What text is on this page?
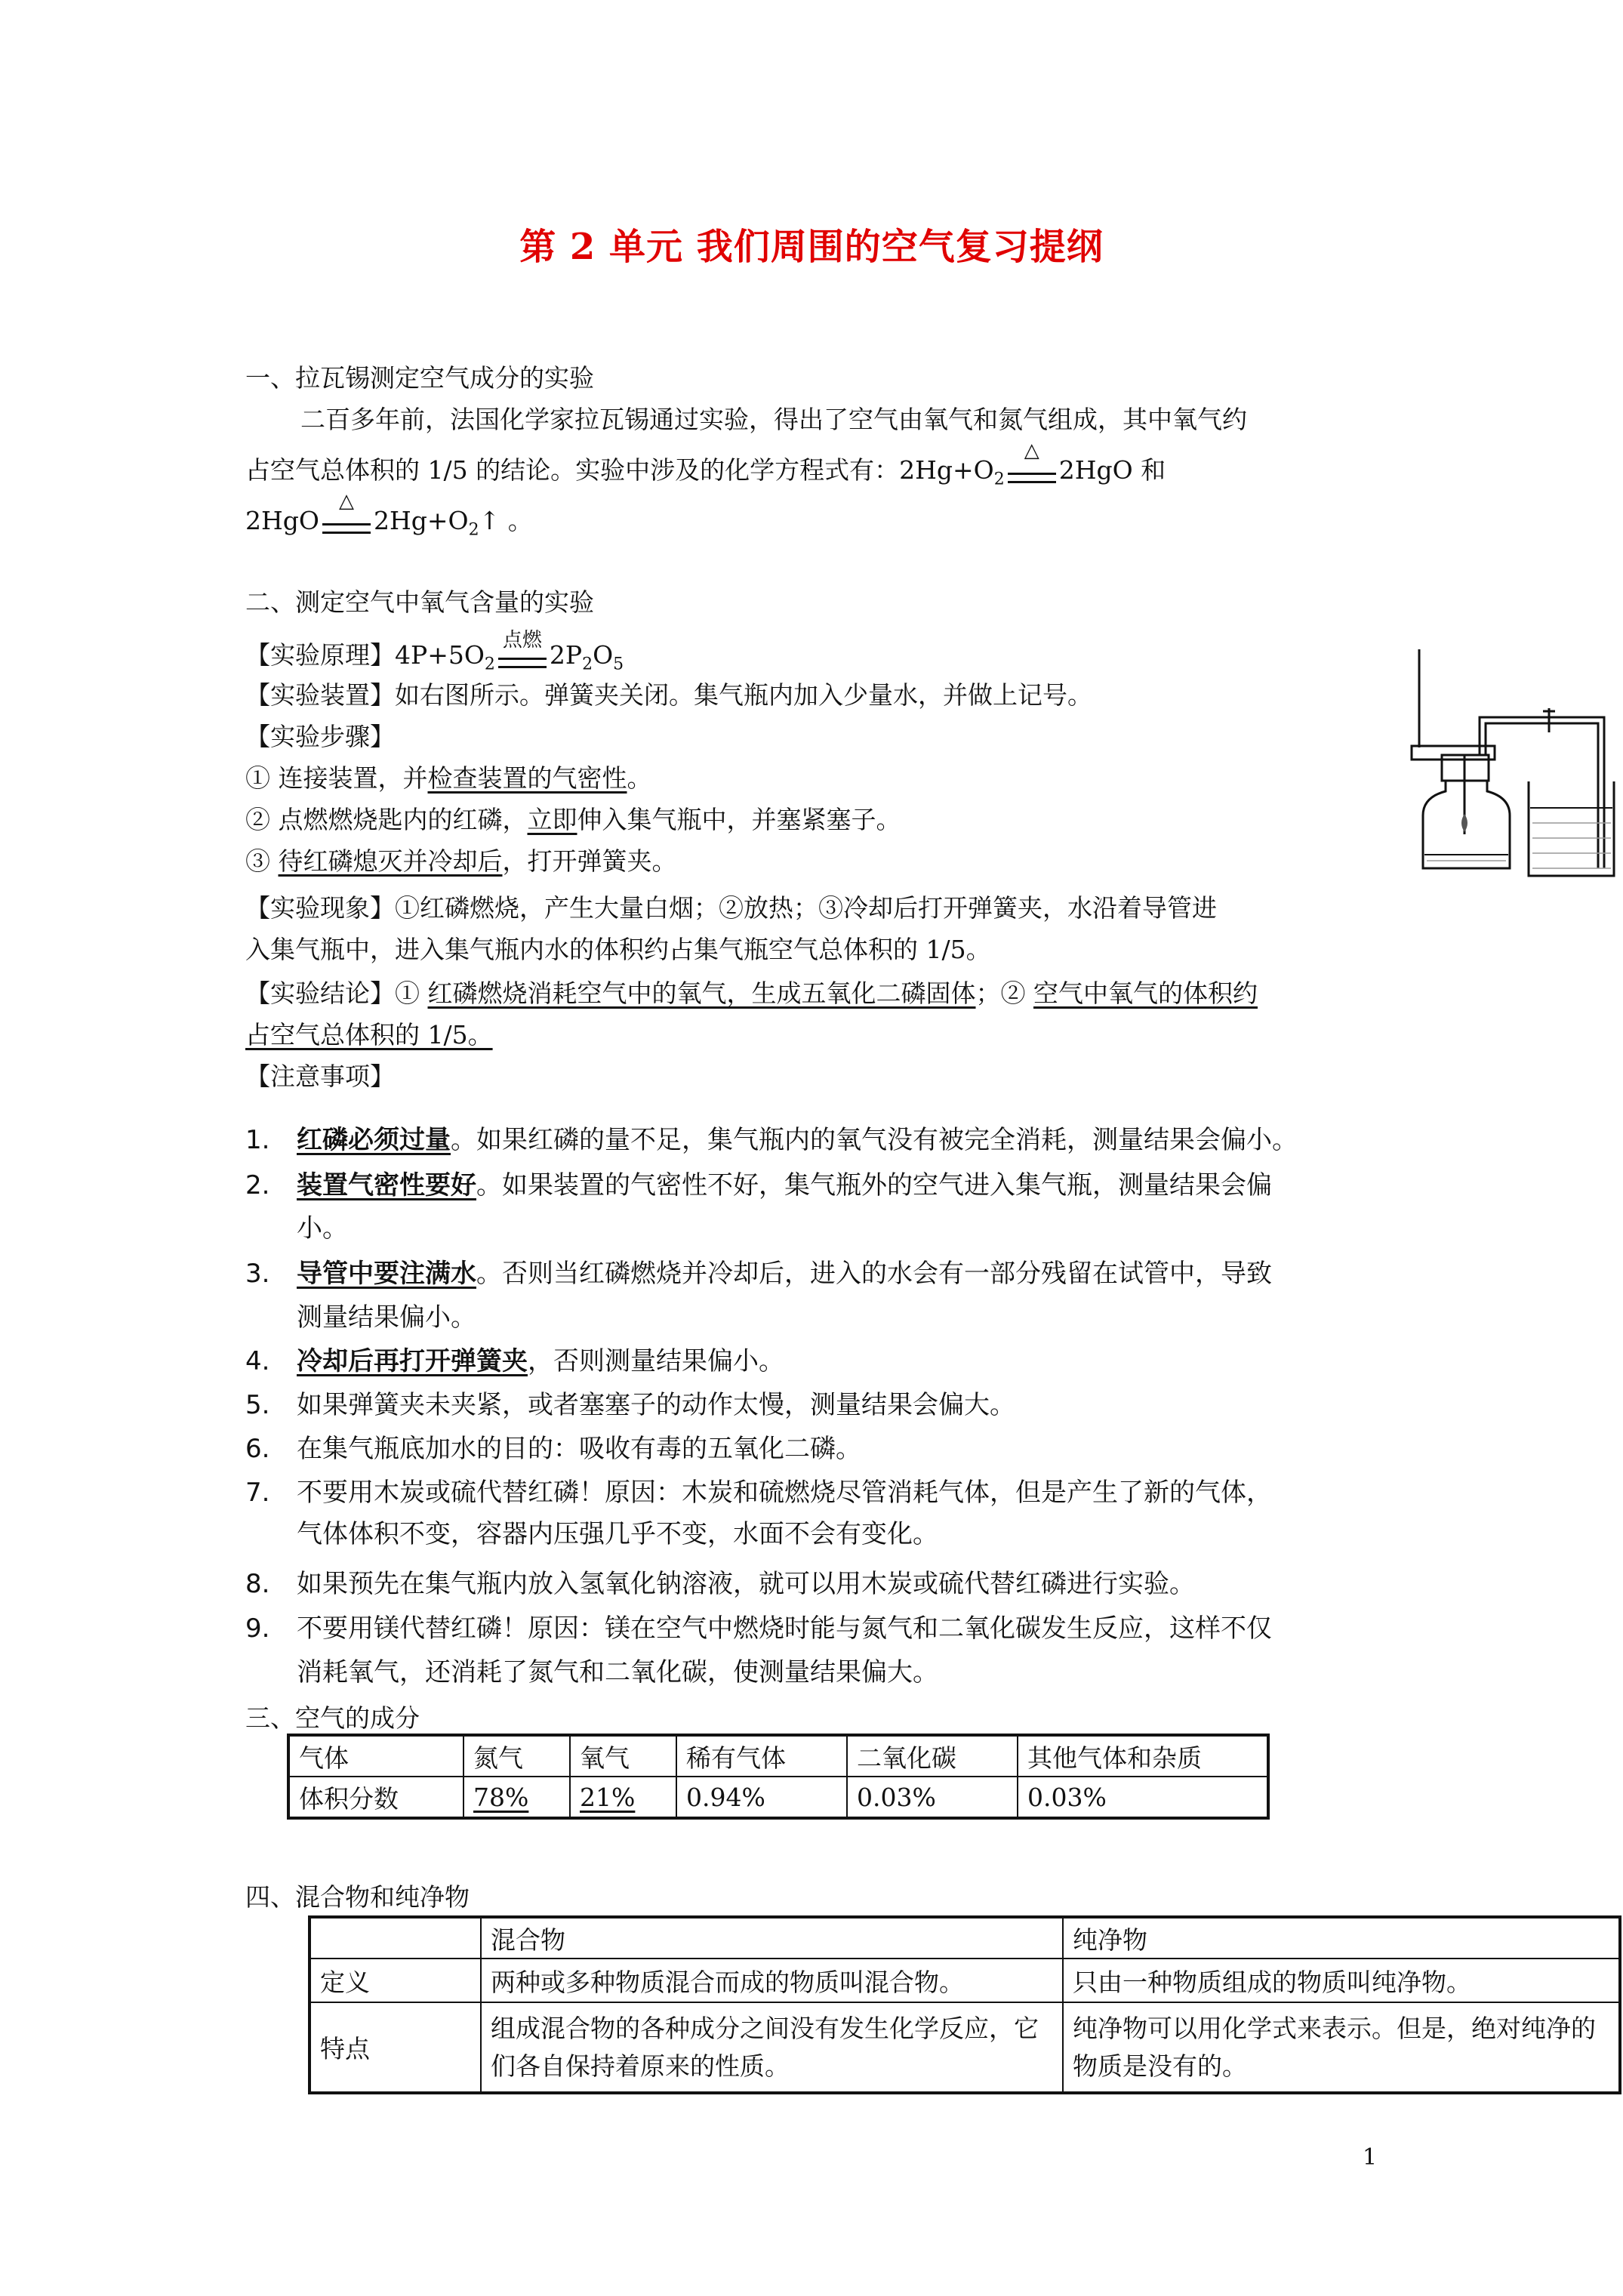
第 2 单元 我们周围的空气复习提纲
一、拉瓦锡测定空气成分的实验
二百多年前，法国化学家拉瓦锡通过实验，得出了空气由氧气和氮气组成，其中氧气约
占空气总体积的 1/5 的结论。实验中涉及的化学方程式有：$2Hg+O_2$
△
2HgO 和
2HgO
△
$2Hg+O_2↑$ 。
二、测定空气中氧气含量的实验
【实验原理】$4P+5O_2$
点燃 $2P_2O_5$
【实验装置】如右图所示。弹簧夹关闭。集气瓶内加入少量水，并做上记号。
【实验步骤】
① 连接装置，并检查装置的气密性。
② 点燃燃烧匙内的红磷，立即伸入集气瓶中，并塞紧塞子。
③ 待红磷熄灭并冷却后，打开弹簧夹。
【实验现象】①红磷燃烧，产生大量白烟；②放热；③冷却后打开弹簧夹，水沿着导管进
入集气瓶中，进入集气瓶内水的体积约占集气瓶空气总体积的 1/5。
【实验结论】① 红磷燃烧消耗空气中的氧气，生成五氧化二磷固体；② 空气中氧气的体积约
占空气总体积的 1/5。
【注意事项】
1. 红磷必须过量。如果红磷的量不足，集气瓶内的氧气没有被完全消耗，测量结果会偏小。
2. 装置气密性要好。如果装置的气密性不好，集气瓶外的空气进入集气瓶，测量结果会偏
小。
3. 导管中要注满水。否则当红磷燃烧并冷却后，进入的水会有一部分残留在试管中，导致
测量结果偏小。
4. 冷却后再打开弹簧夹，否则测量结果偏小。
5. 如果弹簧夹未夹紧，或者塞塞子的动作太慢，测量结果会偏大。
6. 在集气瓶底加水的目的：吸收有毒的五氧化二磷。
7. 不要用木炭或硫代替红磷！原因：木炭和硫燃烧尽管消耗气体，但是产生了新的气体，
气体体积不变，容器内压强几乎不变，水面不会有变化。
8. 如果预先在集气瓶内放入氢氧化钠溶液，就可以用木炭或硫代替红磷进行实验。
9. 不要用镁代替红磷！原因：镁在空气中燃烧时能与氮气和二氧化碳发生反应，这样不仅
消耗氧气，还消耗了氮气和二氧化碳，使测量结果偏大。
三、空气的成分
气体	氮气	氧气	稀有气体	二氧化碳	其他气体和杂质
体积分数	78%	21%	0.94%	0.03%	0.03%
四、混合物和纯净物
	混合物	纯净物
定义	两种或多种物质混合而成的物质叫混合物。	只由一种物质组成的物质叫纯净物。
特点	组成混合物的各种成分之间没有发生化学反应，它们各自保持着原来的性质。	纯净物可以用化学式来表示。但是，绝对纯净的物质是没有的。
1
